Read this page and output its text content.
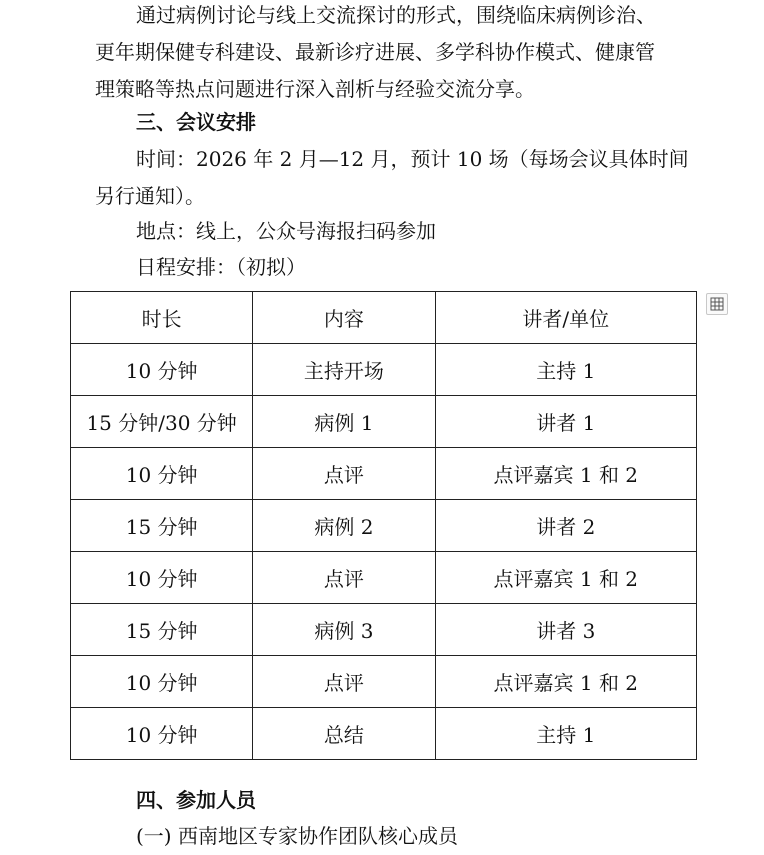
通过病例讨论与线上交流探讨的形式，围绕临床病例诊治、
更年期保健专科建设、最新诊疗进展、多学科协作模式、健康管
理策略等热点问题进行深入剖析与经验交流分享。
三、会议安排
时间：2026 年 2 月—12 月，预计 10 场（每场会议具体时间
另行通知）。
地点：线上，公众号海报扫码参加
日程安排：（初拟）
时长	内容	讲者/单位
10 分钟	主持开场	主持 1
15 分钟/30 分钟	病例 1	讲者 1
10 分钟	点评	点评嘉宾 1 和 2
15 分钟	病例 2	讲者 2
10 分钟	点评	点评嘉宾 1 和 2
15 分钟	病例 3	讲者 3
10 分钟	点评	点评嘉宾 1 和 2
10 分钟	总结	主持 1
四、参加人员
(一) 西南地区专家协作团队核心成员
